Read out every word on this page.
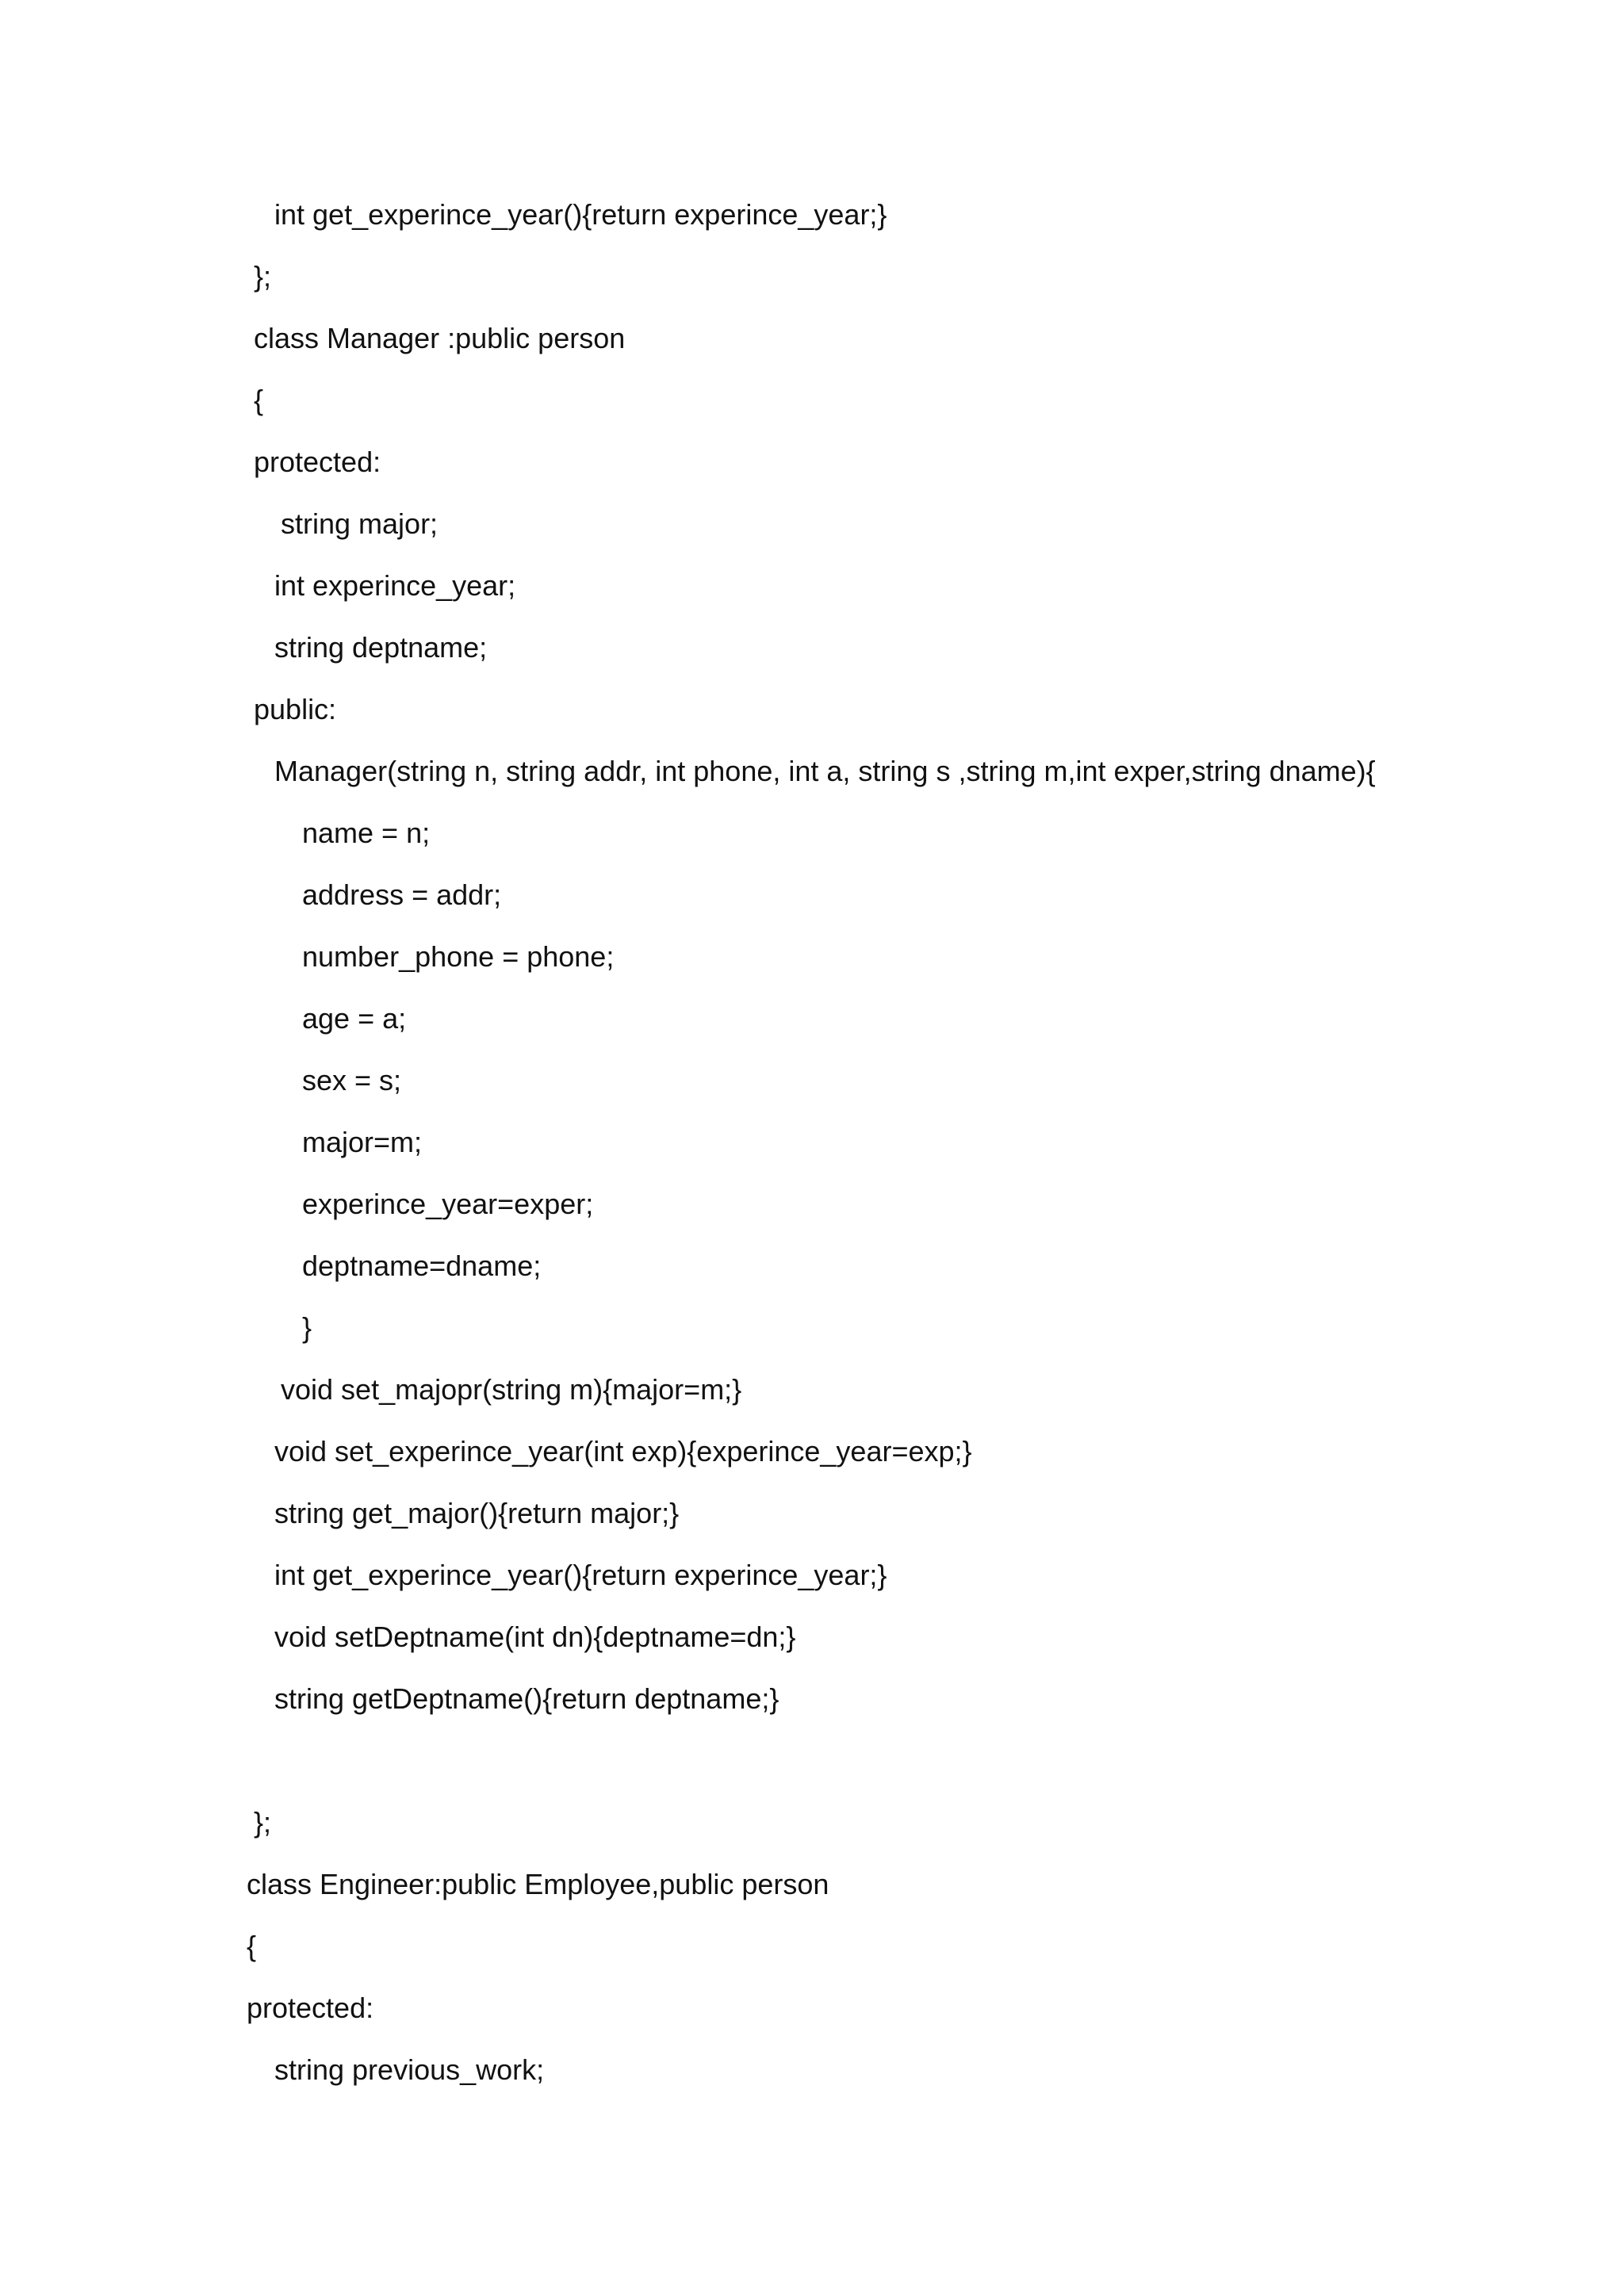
int get_experince_year(){return experince_year;}
};
class Manager :public person
{
protected:
string major;
int experince_year;
string deptname;
public:
Manager(string n, string addr, int phone, int a, string s ,string m,int exper,string dname){
name = n;
address = addr;
number_phone = phone;
age = a;
sex = s;
major=m;
experince_year=exper;
deptname=dname;
}
void set_majopr(string m){major=m;}
void set_experince_year(int exp){experince_year=exp;}
string get_major(){return major;}
int get_experince_year(){return experince_year;}
void setDeptname(int dn){deptname=dn;}
string getDeptname(){return deptname;}
};
class Engineer:public Employee,public person
{
protected:
string previous_work;
